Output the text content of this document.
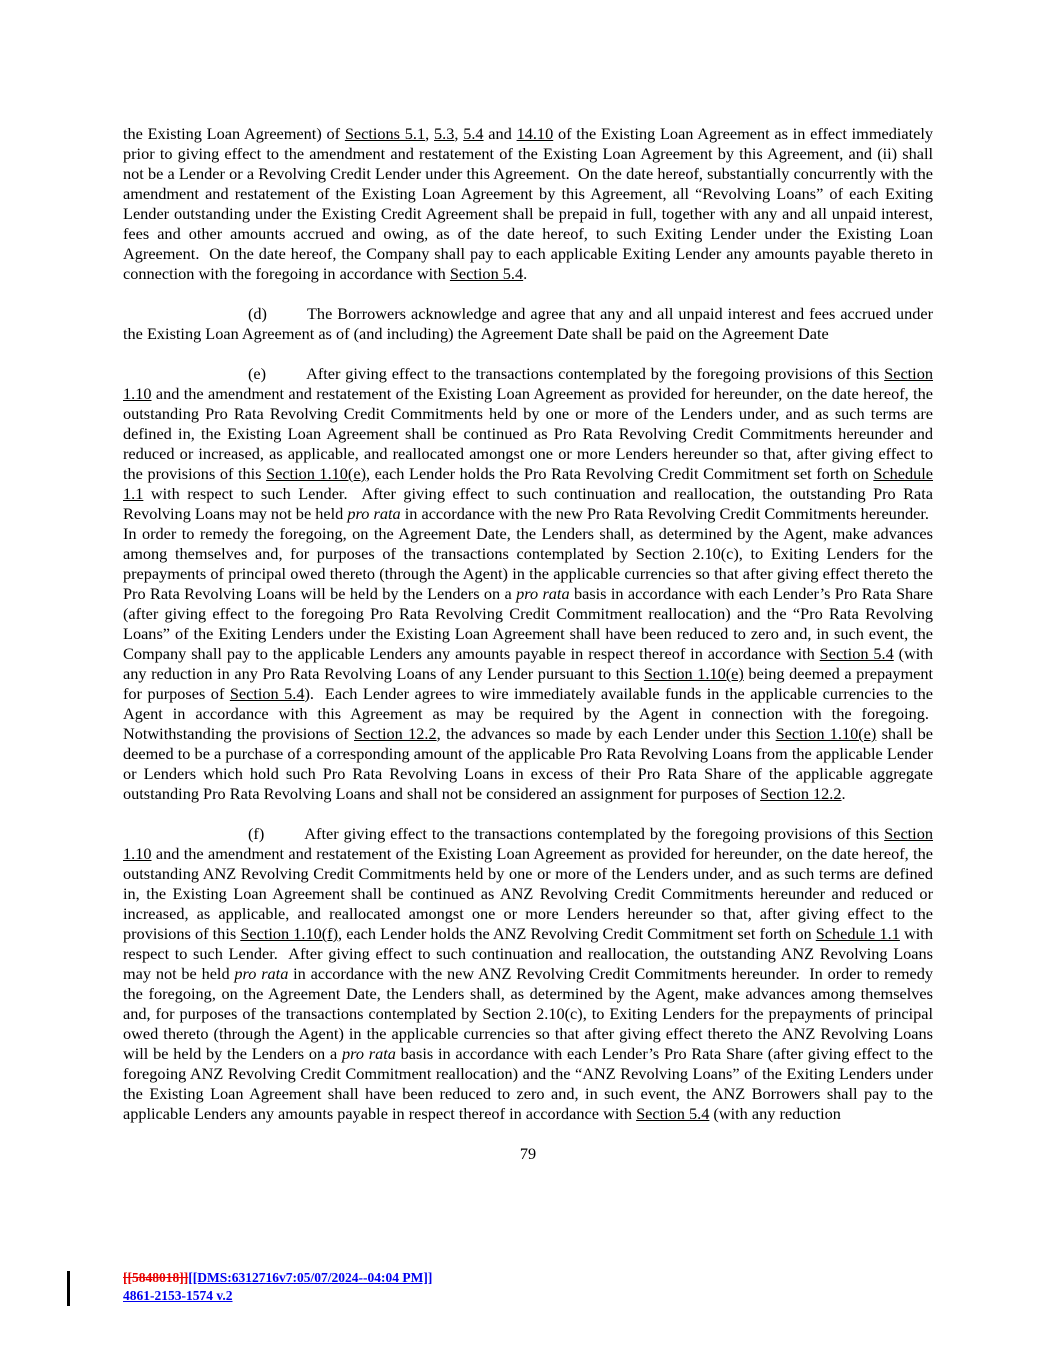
the Existing Loan Agreement) of Sections 5.1, 5.3, 5.4 and 14.10 of the Existing Loan Agreement as in effect immediately prior to giving effect to the amendment and restatement of the Existing Loan Agreement by this Agreement, and (ii) shall not be a Lender or a Revolving Credit Lender under this Agreement.  On the date hereof, substantially concurrently with the amendment and restatement of the Existing Loan Agreement by this Agreement, all “Revolving Loans” of each Exiting Lender outstanding under the Existing Credit Agreement shall be prepaid in full, together with any and all unpaid interest, fees and other amounts accrued and owing, as of the date hereof, to such Exiting Lender under the Existing Loan Agreement.  On the date hereof, the Company shall pay to each applicable Exiting Lender any amounts payable thereto in connection with the foregoing in accordance with Section 5.4.

(d) The Borrowers acknowledge and agree that any and all unpaid interest and fees accrued under the Existing Loan Agreement as of (and including) the Agreement Date shall be paid on the Agreement Date

(e) After giving effect to the transactions contemplated by the foregoing provisions of this Section 1.10 and the amendment and restatement of the Existing Loan Agreement as provided for hereunder, on the date hereof, the outstanding Pro Rata Revolving Credit Commitments held by one or more of the Lenders under, and as such terms are defined in, the Existing Loan Agreement shall be continued as Pro Rata Revolving Credit Commitments hereunder and reduced or increased, as applicable, and reallocated amongst one or more Lenders hereunder so that, after giving effect to the provisions of this Section 1.10(e), each Lender holds the Pro Rata Revolving Credit Commitment set forth on Schedule 1.1 with respect to such Lender.  After giving effect to such continuation and reallocation, the outstanding Pro Rata Revolving Loans may not be held pro rata in accordance with the new Pro Rata Revolving Credit Commitments hereunder.  In order to remedy the foregoing, on the Agreement Date, the Lenders shall, as determined by the Agent, make advances among themselves and, for purposes of the transactions contemplated by Section 2.10(c), to Exiting Lenders for the prepayments of principal owed thereto (through the Agent) in the applicable currencies so that after giving effect thereto the Pro Rata Revolving Loans will be held by the Lenders on a pro rata basis in accordance with each Lender’s Pro Rata Share (after giving effect to the foregoing Pro Rata Revolving Credit Commitment reallocation) and the “Pro Rata Revolving Loans” of the Exiting Lenders under the Existing Loan Agreement shall have been reduced to zero and, in such event, the Company shall pay to the applicable Lenders any amounts payable in respect thereof in accordance with Section 5.4 (with any reduction in any Pro Rata Revolving Loans of any Lender pursuant to this Section 1.10(e) being deemed a prepayment for purposes of Section 5.4).  Each Lender agrees to wire immediately available funds in the applicable currencies to the Agent in accordance with this Agreement as may be required by the Agent in connection with the foregoing.  Notwithstanding the provisions of Section 12.2, the advances so made by each Lender under this Section 1.10(e) shall be deemed to be a purchase of a corresponding amount of the applicable Pro Rata Revolving Loans from the applicable Lender or Lenders which hold such Pro Rata Revolving Loans in excess of their Pro Rata Share of the applicable aggregate outstanding Pro Rata Revolving Loans and shall not be considered an assignment for purposes of Section 12.2.

(f) After giving effect to the transactions contemplated by the foregoing provisions of this Section 1.10 and the amendment and restatement of the Existing Loan Agreement as provided for hereunder, on the date hereof, the outstanding ANZ Revolving Credit Commitments held by one or more of the Lenders under, and as such terms are defined in, the Existing Loan Agreement shall be continued as ANZ Revolving Credit Commitments hereunder and reduced or increased, as applicable, and reallocated amongst one or more Lenders hereunder so that, after giving effect to the provisions of this Section 1.10(f), each Lender holds the ANZ Revolving Credit Commitment set forth on Schedule 1.1 with respect to such Lender.  After giving effect to such continuation and reallocation, the outstanding ANZ Revolving Loans may not be held pro rata in accordance with the new ANZ Revolving Credit Commitments hereunder.  In order to remedy the foregoing, on the Agreement Date, the Lenders shall, as determined by the Agent, make advances among themselves and, for purposes of the transactions contemplated by Section 2.10(c), to Exiting Lenders for the prepayments of principal owed thereto (through the Agent) in the applicable currencies so that after giving effect thereto the ANZ Revolving Loans will be held by the Lenders on a pro rata basis in accordance with each Lender’s Pro Rata Share (after giving effect to the foregoing ANZ Revolving Credit Commitment reallocation) and the “ANZ Revolving Loans” of the Exiting Lenders under the Existing Loan Agreement shall have been reduced to zero and, in such event, the ANZ Borrowers shall pay to the applicable Lenders any amounts payable in respect thereof in accordance with Section 5.4 (with any reduction

79
[[5848018]][[DMS:6312716v7:05/07/2024--04:04 PM]]
4861-2153-1574 v.2
